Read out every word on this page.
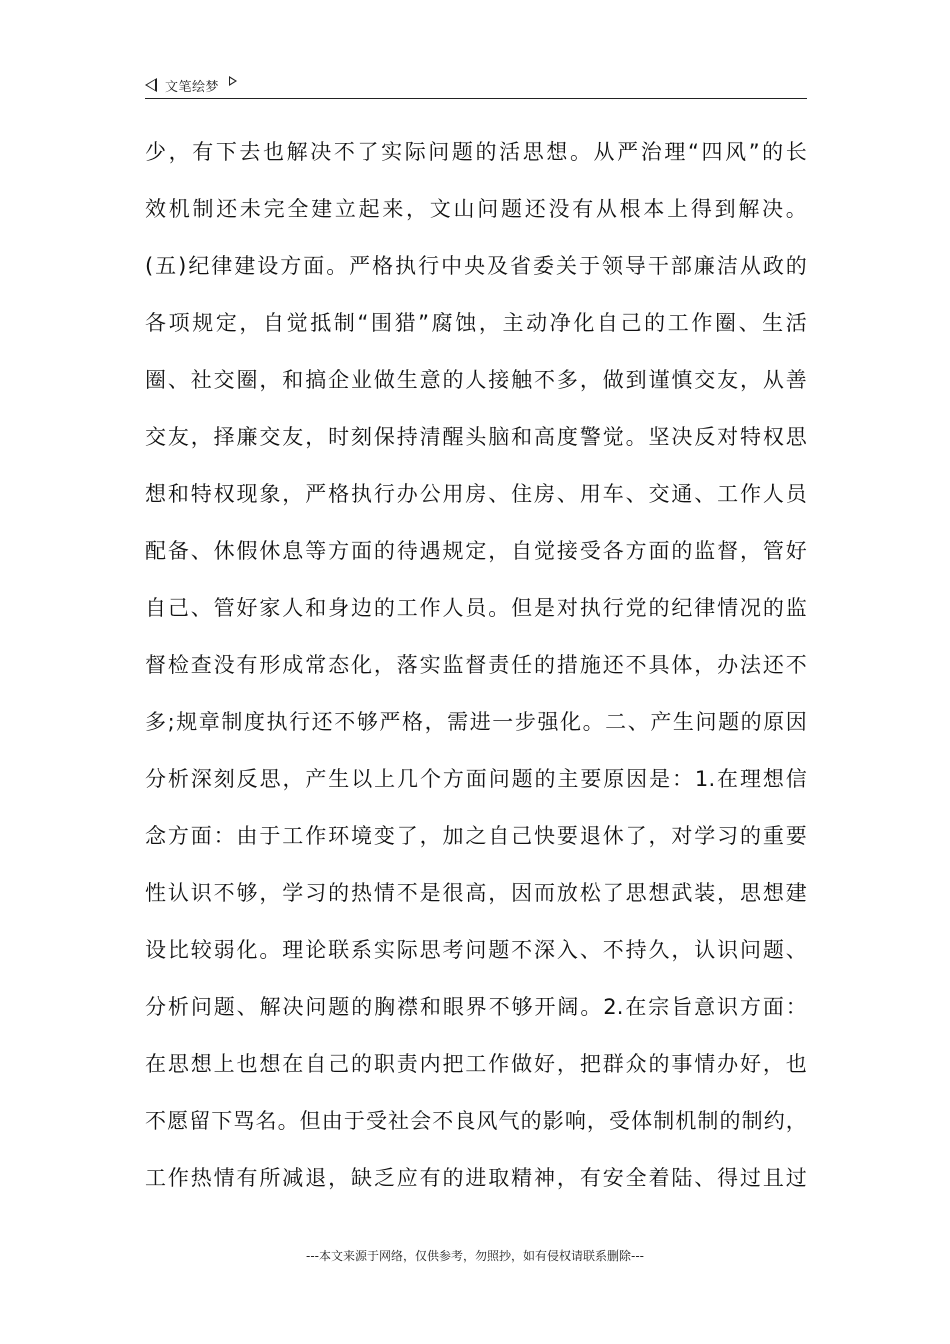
文笔绘梦
少，有下去也解决不了实际问题的活思想。从严治理“四风”的长
效机制还未完全建立起来，文山问题还没有从根本上得到解决。
(五)纪律建设方面。严格执行中央及省委关于领导干部廉洁从政的
各项规定，自觉抵制“围猎”腐蚀，主动净化自己的工作圈、生活
圈、社交圈，和搞企业做生意的人接触不多，做到谨慎交友，从善
交友，择廉交友，时刻保持清醒头脑和高度警觉。坚决反对特权思
想和特权现象，严格执行办公用房、住房、用车、交通、工作人员
配备、休假休息等方面的待遇规定，自觉接受各方面的监督，管好
自己、管好家人和身边的工作人员。但是对执行党的纪律情况的监
督检查没有形成常态化，落实监督责任的措施还不具体，办法还不
多;规章制度执行还不够严格，需进一步强化。二、产生问题的原因
分析深刻反思，产生以上几个方面问题的主要原因是：1.在理想信
念方面：由于工作环境变了，加之自己快要退休了，对学习的重要
性认识不够，学习的热情不是很高，因而放松了思想武装，思想建
设比较弱化。理论联系实际思考问题不深入、不持久，认识问题、
分析问题、解决问题的胸襟和眼界不够开阔。2.在宗旨意识方面：
在思想上也想在自己的职责内把工作做好，把群众的事情办好，也
不愿留下骂名。但由于受社会不良风气的影响，受体制机制的制约，
工作热情有所减退，缺乏应有的进取精神，有安全着陆、得过且过
---本文来源于网络，仅供参考，勿照抄，如有侵权请联系删除---
